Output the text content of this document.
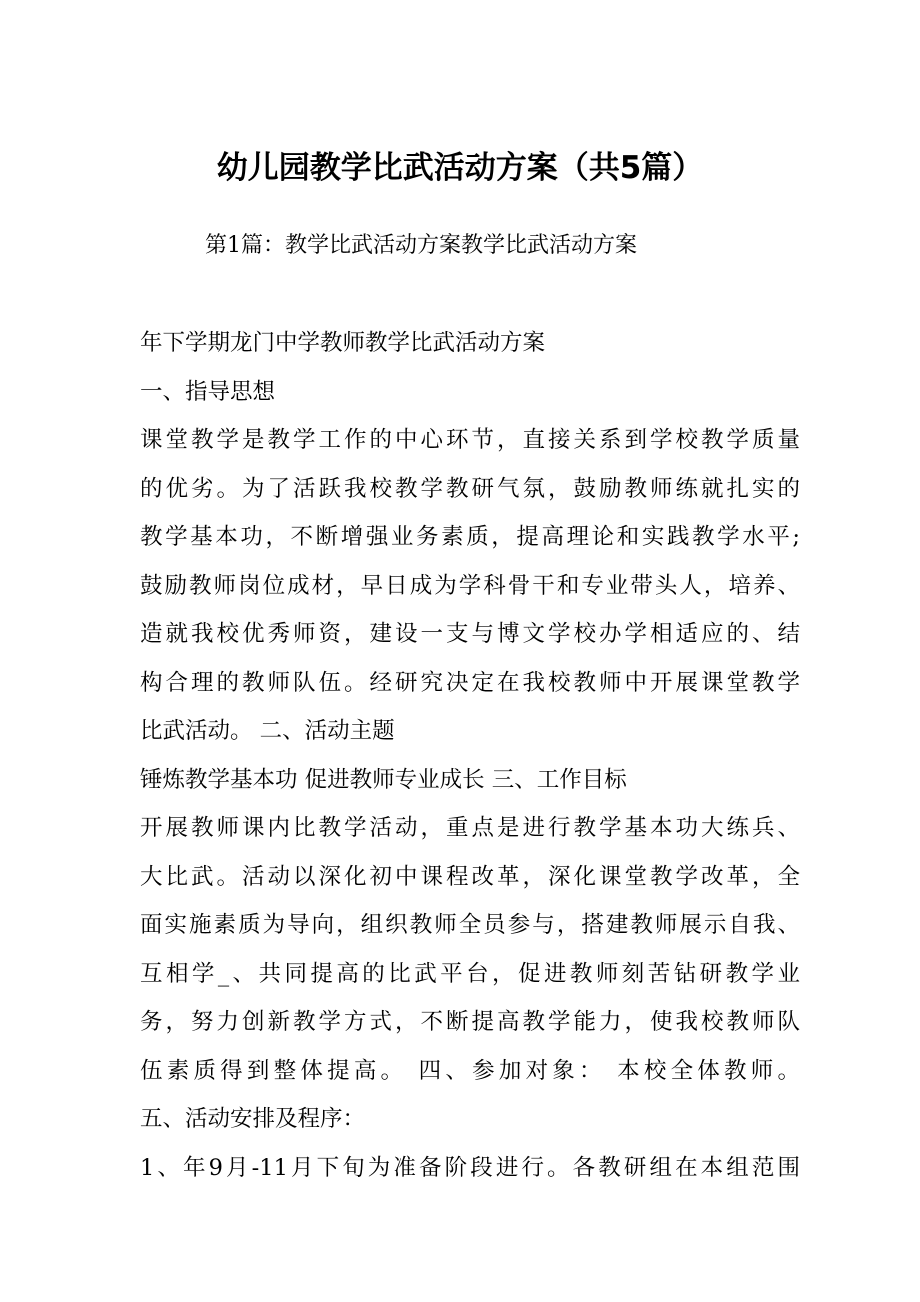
幼儿园教学比武活动方案（共5篇）
第1篇：教学比武活动方案教学比武活动方案
年下学期龙门中学教师教学比武活动方案
一、指导思想
课堂教学是教学工作的中心环节，直接关系到学校教学质量
的优劣。为了活跃我校教学教研气氛，鼓励教师练就扎实的
教学基本功，不断增强业务素质，提高理论和实践教学水平;
鼓励教师岗位成材，早日成为学科骨干和专业带头人，培养、
造就我校优秀师资，建设一支与博文学校办学相适应的、结
构合理的教师队伍。经研究决定在我校教师中开展课堂教学
比武活动。 二、活动主题
锤炼教学基本功 促进教师专业成长 三、工作目标
开展教师课内比教学活动，重点是进行教学基本功大练兵、
大比武。活动以深化初中课程改革，深化课堂教学改革，全
面实施素质为导向，组织教师全员参与，搭建教师展示自我、
互相学_、共同提高的比武平台，促进教师刻苦钻研教学业
务，努力创新教学方式，不断提高教学能力，使我校教师队
伍素质得到整体提高。 四、参加对象： 本校全体教师。
五、活动安排及程序：
1、年9月-11月下旬为准备阶段进行。各教研组在本组范围
